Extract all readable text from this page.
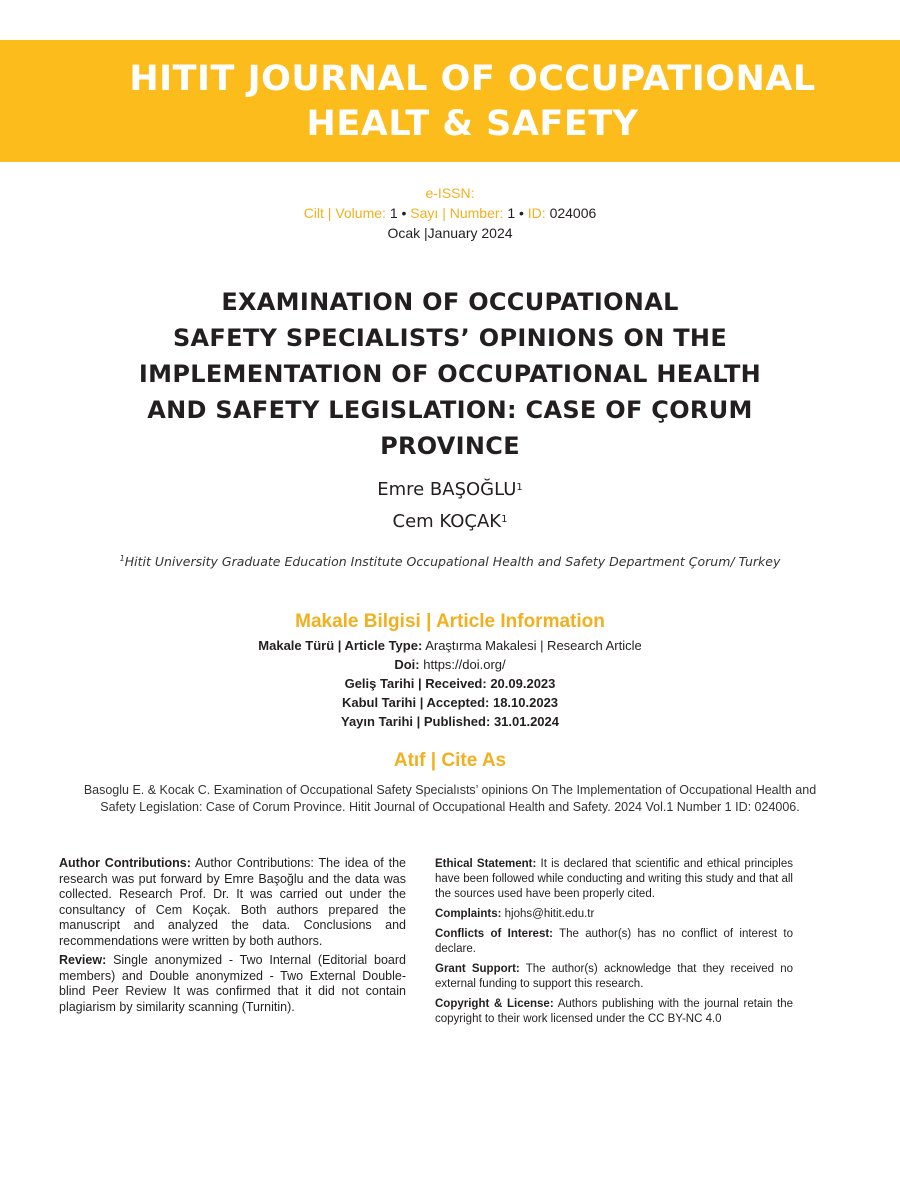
HITIT JOURNAL OF OCCUPATIONAL
HEALT & SAFETY
e-ISSN:
Cilt | Volume: 1 • Sayı | Number: 1 • ID: 024006
Ocak |January 2024
EXAMINATION OF OCCUPATIONAL
SAFETY SPECIALISTS’ OPINIONS ON THE
IMPLEMENTATION OF OCCUPATIONAL HEALTH
AND SAFETY LEGISLATION: CASE OF ÇORUM
PROVINCE
Emre BAŞOĞLU$^1$
Cem KOÇAK$^1$
$^1$Hitit University Graduate Education Institute Occupational Health and Safety Department Çorum/ Turkey
Makale Bilgisi | Article Information
Makale Türü | Article Type: Araştırma Makalesi | Research Article
Doi: https://doi.org/
Geliş Tarihi | Received: 20.09.2023
Kabul Tarihi | Accepted: 18.10.2023
Yayın Tarihi | Published: 31.01.2024
Atıf | Cite As
Basoglu E. & Kocak C. Examination of Occupational Safety Specialısts’ opinions On The Implementation of Occupational Health and Safety Legislation: Case of Corum Province. Hitit Journal of Occupational Health and Safety. 2024 Vol.1 Number 1 ID: 024006.

Author Contributions: Author Contributions: The idea of the research was put forward by Emre Başoğlu and the data was collected. Research Prof. Dr. It was carried out under the consultancy of Cem Koçak. Both authors prepared the manuscript and analyzed the data. Conclusions and recommendations were written by both authors.

Review: Single anonymized - Two Internal (Editorial board members) and Double anonymized - Two External Double-blind Peer Review It was confirmed that it did not contain plagiarism by similarity scanning (Turnitin).

Ethical Statement: It is declared that scientific and ethical principles have been followed while conducting and writing this study and that all the sources used have been properly cited.

Complaints: hjohs@hitit.edu.tr

Conflicts of Interest: The author(s) has no conflict of interest to declare.

Grant Support: The author(s) acknowledge that they received no external funding to support this research.

Copyright & License: Authors publishing with the journal retain the copyright to their work licensed under the CC BY-NC 4.0
